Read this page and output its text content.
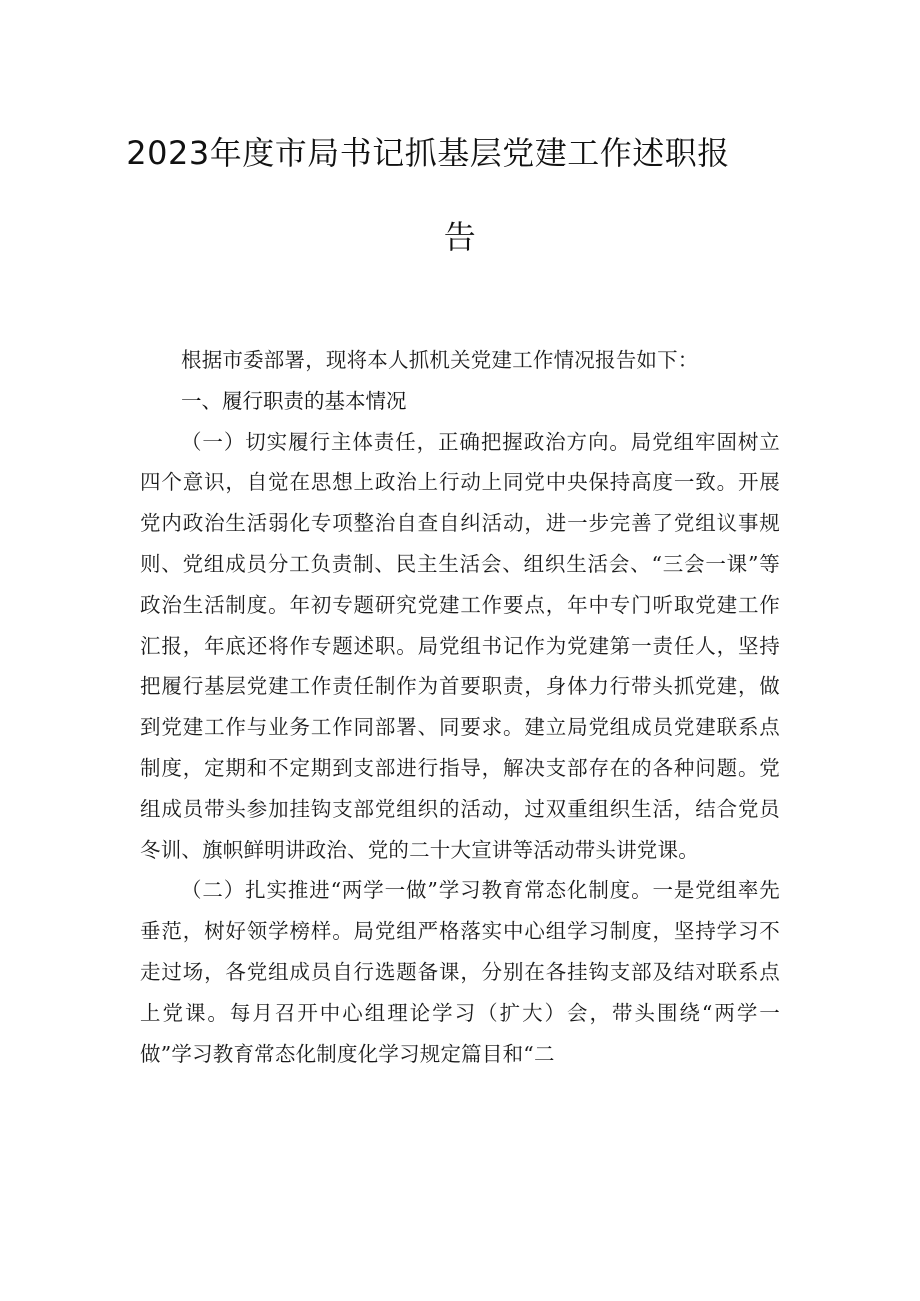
2023年度市局书记抓基层党建工作述职报
告

根据市委部署，现将本人抓机关党建工作情况报告如下：

一、履行职责的基本情况

（一）切实履行主体责任，正确把握政治方向。局党组牢固树立四个意识，自觉在思想上政治上行动上同党中央保持高度一致。开展党内政治生活弱化专项整治自查自纠活动，进一步完善了党组议事规则、党组成员分工负责制、民主生活会、组织生活会、“三会一课”等政治生活制度。年初专题研究党建工作要点，年中专门听取党建工作汇报，年底还将作专题述职。局党组书记作为党建第一责任人，坚持把履行基层党建工作责任制作为首要职责，身体力行带头抓党建，做到党建工作与业务工作同部署、同要求。建立局党组成员党建联系点制度，定期和不定期到支部进行指导，解决支部存在的各种问题。党组成员带头参加挂钩支部党组织的活动，过双重组织生活，结合党员冬训、旗帜鲜明讲政治、党的二十大宣讲等活动带头讲党课。

（二）扎实推进“两学一做”学习教育常态化制度。一是党组率先垂范，树好领学榜样。局党组严格落实中心组学习制度，坚持学习不走过场，各党组成员自行选题备课，分别在各挂钩支部及结对联系点上党课。每月召开中心组理论学习（扩大）会，带头围绕“两学一做”学习教育常态化制度化学习规定篇目和“二
